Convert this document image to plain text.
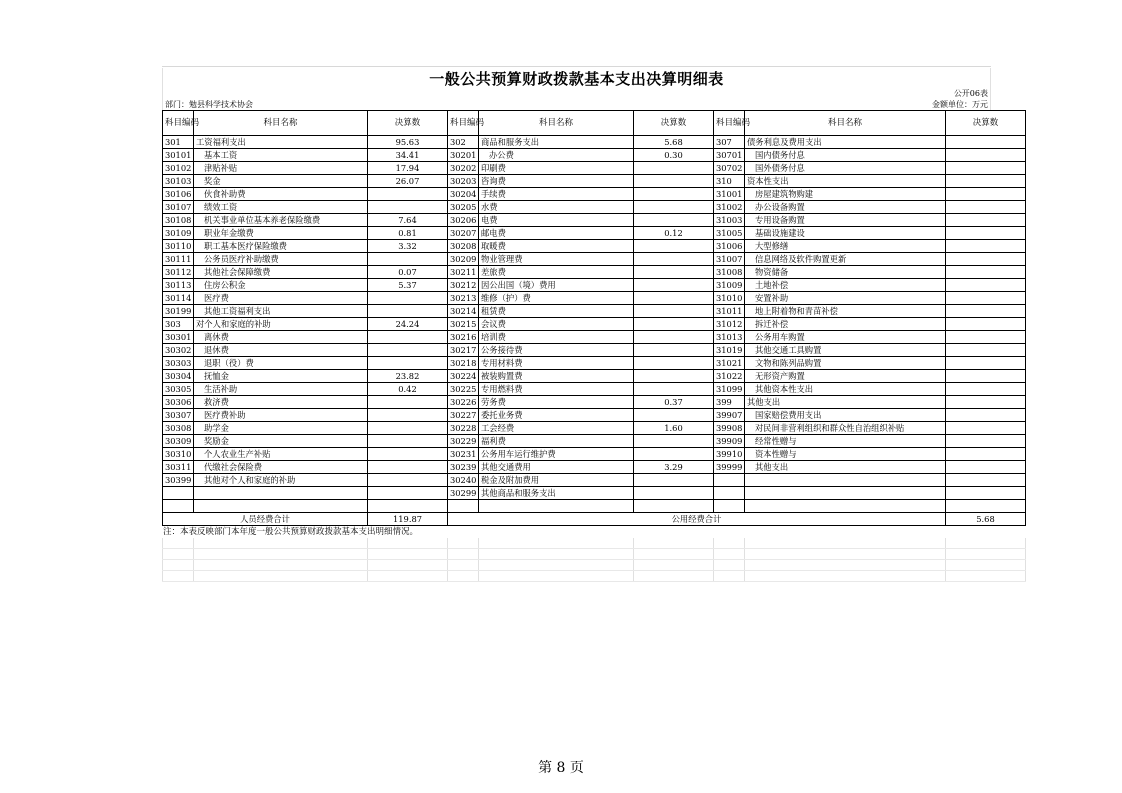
一般公共预算财政拨款基本支出决算明细表
公开06表
部门：勉县科学技术协会	金额单位：万元
科目编码	科目名称	决算数	科目编码	科目名称	决算数	科目编码	科目名称	决算数
301	工资福利支出	95.63	302	商品和服务支出	5.68	307	债务利息及费用支出	
30101	基本工资	34.41	30201	办公费	0.30	30701	国内债务付息	
30102	津贴补贴	17.94	30202	印刷费		30702	国外债务付息	
30103	奖金	26.07	30203	咨询费		310	资本性支出	
30106	伙食补助费		30204	手续费		31001	房屋建筑物购建	
30107	绩效工资		30205	水费		31002	办公设备购置	
30108	机关事业单位基本养老保险缴费	7.64	30206	电费		31003	专用设备购置	
30109	职业年金缴费	0.81	30207	邮电费	0.12	31005	基础设施建设	
30110	职工基本医疗保险缴费	3.32	30208	取暖费		31006	大型修缮	
30111	公务员医疗补助缴费		30209	物业管理费		31007	信息网络及软件购置更新	
30112	其他社会保障缴费	0.07	30211	差旅费		31008	物资储备	
30113	住房公积金	5.37	30212	因公出国（境）费用		31009	土地补偿	
30114	医疗费		30213	维修（护）费		31010	安置补助	
30199	其他工资福利支出		30214	租赁费		31011	地上附着物和青苗补偿	
303	对个人和家庭的补助	24.24	30215	会议费		31012	拆迁补偿	
30301	离休费		30216	培训费		31013	公务用车购置	
30302	退休费		30217	公务接待费		31019	其他交通工具购置	
30303	退职（役）费		30218	专用材料费		31021	文物和陈列品购置	
30304	抚恤金	23.82	30224	被装购置费		31022	无形资产购置	
30305	生活补助	0.42	30225	专用燃料费		31099	其他资本性支出	
30306	救济费		30226	劳务费	0.37	399	其他支出	
30307	医疗费补助		30227	委托业务费		39907	国家赔偿费用支出	
30308	助学金		30228	工会经费	1.60	39908	对民间非营利组织和群众性自治组织补贴	
30309	奖励金		30229	福利费		39909	经常性赠与	
30310	个人农业生产补贴		30231	公务用车运行维护费		39910	资本性赠与	
30311	代缴社会保险费		30239	其他交通费用	3.29	39999	其他支出	
30399	其他对个人和家庭的补助		30240	税金及附加费用				
			30299	其他商品和服务支出				

人员经费合计		119.87	公用经费合计					5.68
注：本表反映部门本年度一般公共预算财政拨款基本支出明细情况。

第 8 页
